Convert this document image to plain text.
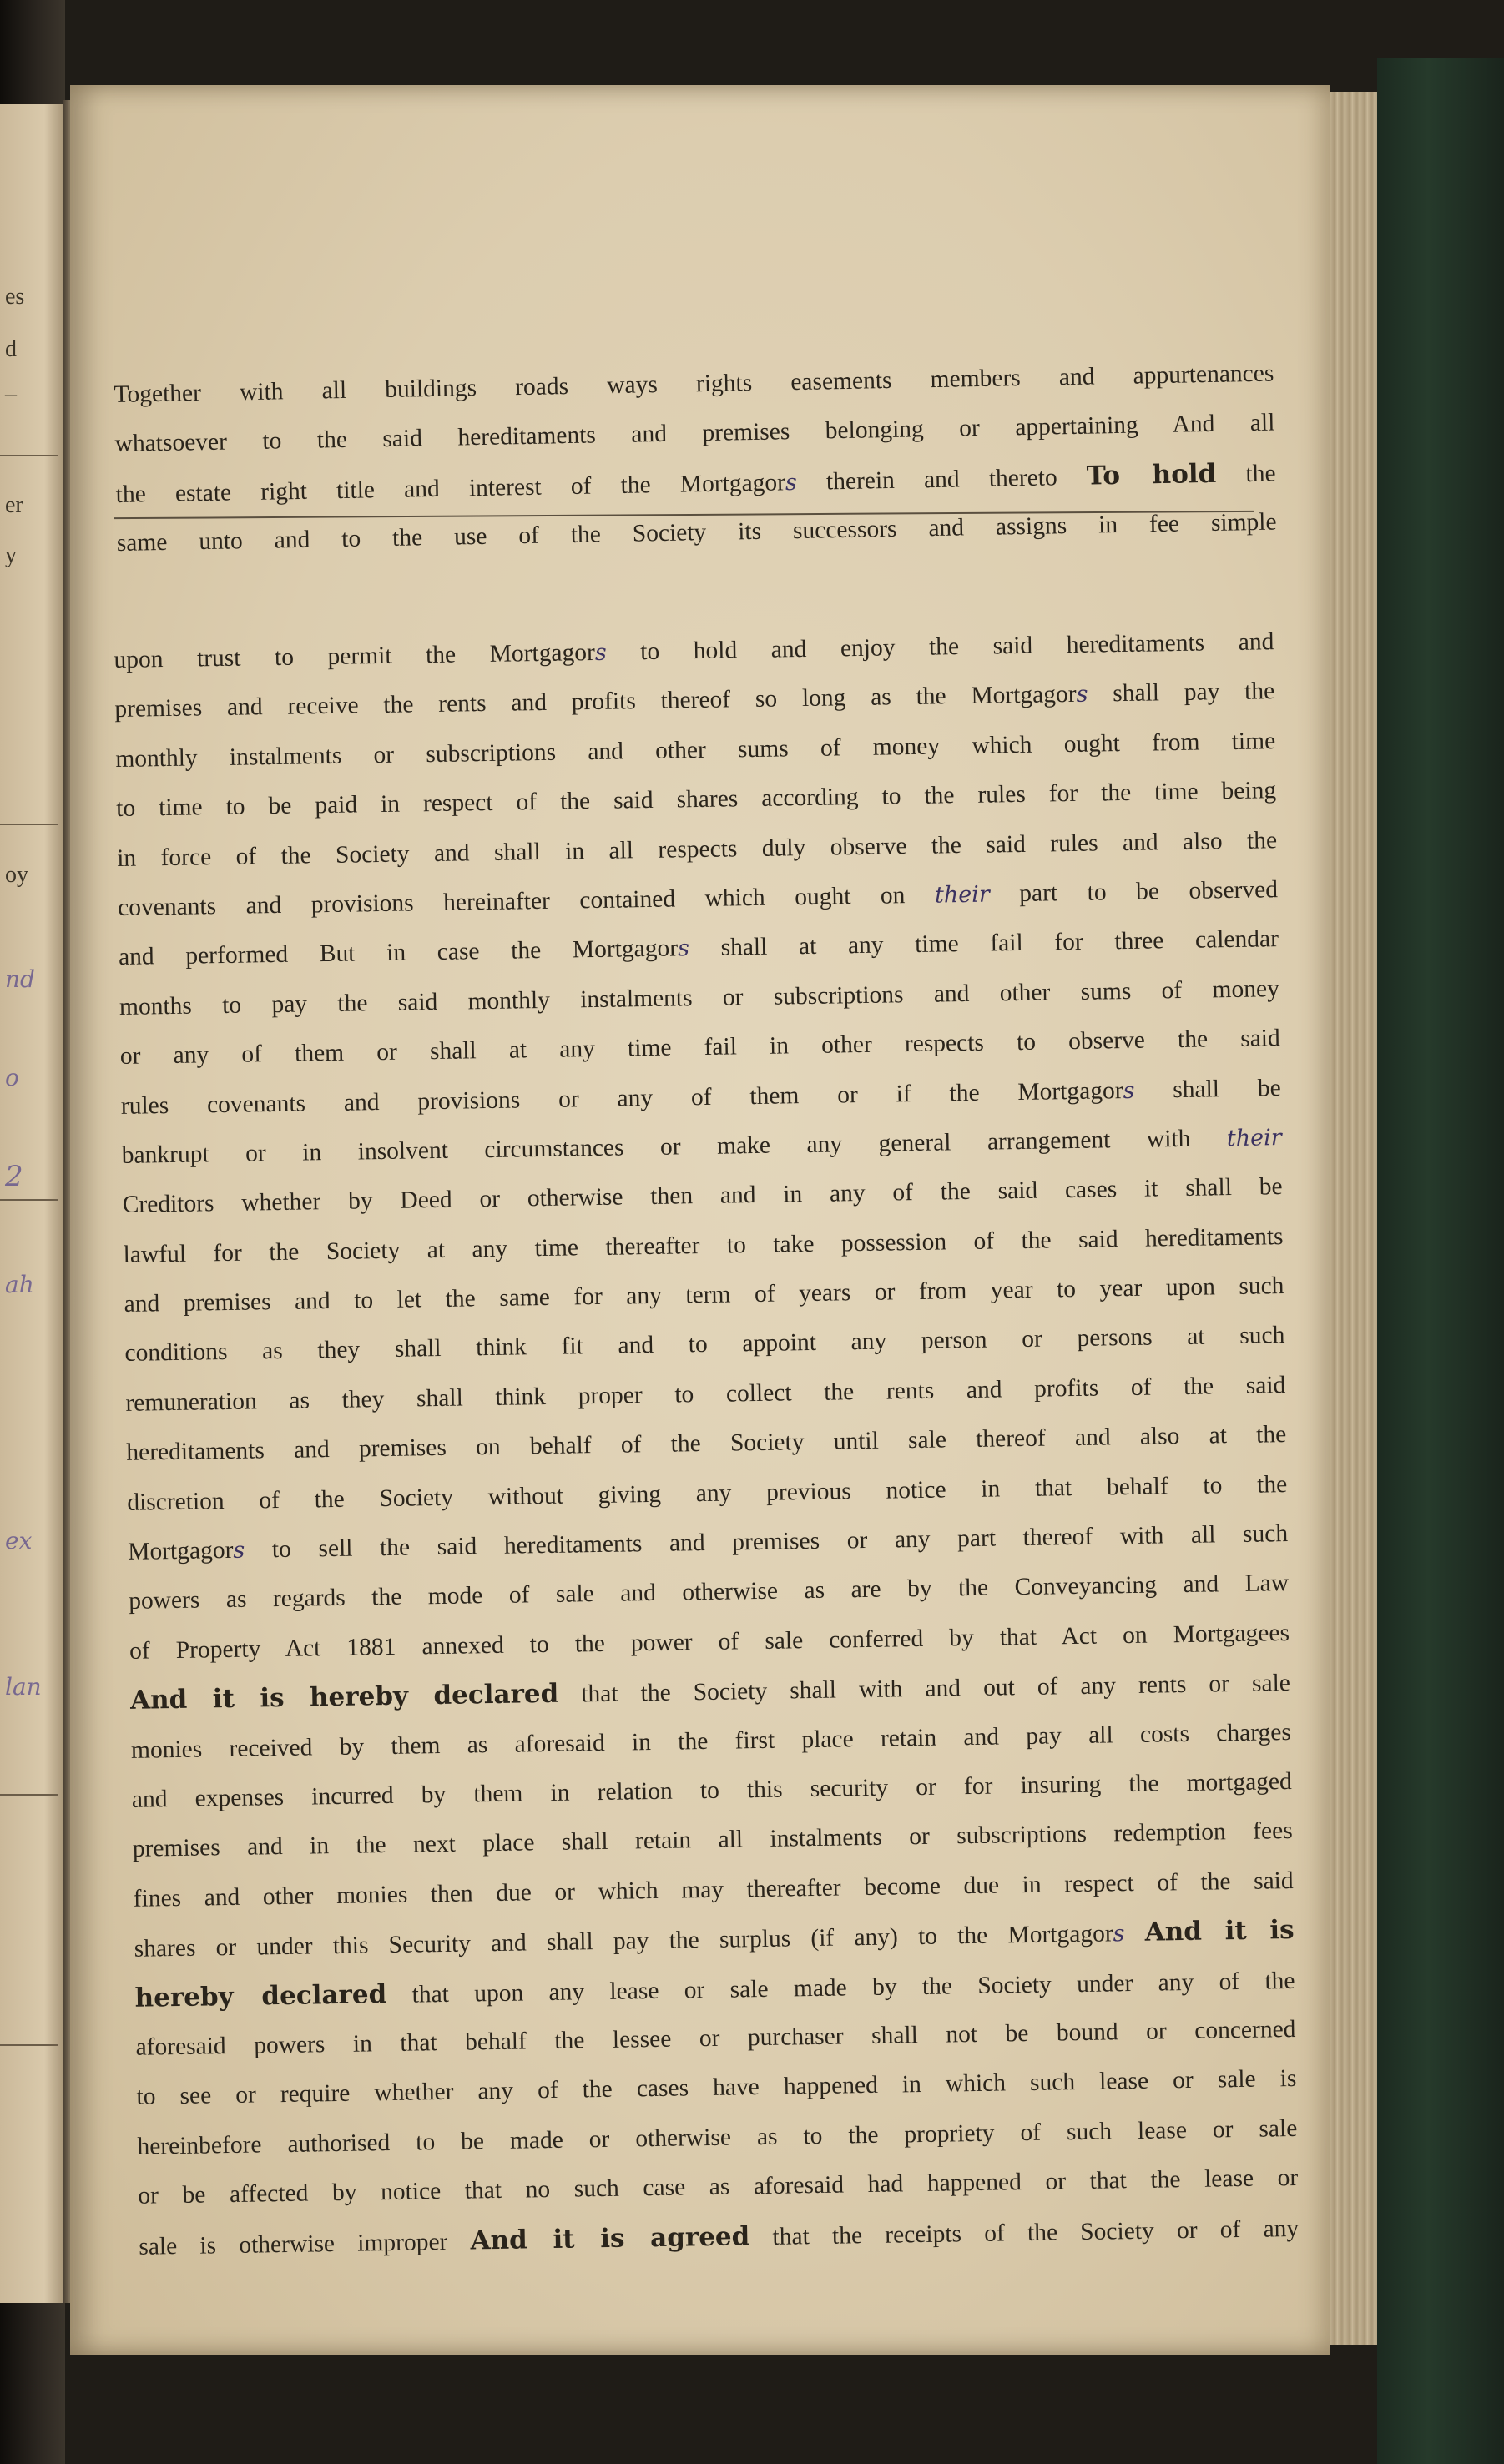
es
d
–
er
y
oy
nd
o
2
ah
ex
lan
Together with all buildings roads ways rights easements members and appurtenances
whatsoever to the said hereditaments and premises belonging or appertaining And all
the estate right title and interest of the Mortgagors therein and thereto To hold the
same unto and to the use of the Society its successors and assigns in fee simple
upon trust to permit the Mortgagors to hold and enjoy the said hereditaments and
premises and receive the rents and profits thereof so long as the Mortgagors shall pay the
monthly instalments or subscriptions and other sums of money which ought from time
to time to be paid in respect of the said shares according to the rules for the time being
in force of the Society and shall in all respects duly observe the said rules and also the
covenants and provisions hereinafter contained which ought on their part to be observed
and performed But in case the Mortgagors shall at any time fail for three calendar
months to pay the said monthly instalments or subscriptions and other sums of money
or any of them or shall at any time fail in other respects to observe the said
rules covenants and provisions or any of them or if the Mortgagors shall be
bankrupt or in insolvent circumstances or make any general arrangement with their
Creditors whether by Deed or otherwise then and in any of the said cases it shall be
lawful for the Society at any time thereafter to take possession of the said hereditaments
and premises and to let the same for any term of years or from year to year upon such
conditions as they shall think fit and to appoint any person or persons at such
remuneration as they shall think proper to collect the rents and profits of the said
hereditaments and premises on behalf of the Society until sale thereof and also at the
discretion of the Society without giving any previous notice in that behalf to the
Mortgagors to sell the said hereditaments and premises or any part thereof with all such
powers as regards the mode of sale and otherwise as are by the Conveyancing and Law
of Property Act 1881 annexed to the power of sale conferred by that Act on Mortgagees
And it is hereby declared that the Society shall with and out of any rents or sale
monies received by them as aforesaid in the first place retain and pay all costs charges
and expenses incurred by them in relation to this security or for insuring the mortgaged
premises and in the next place shall retain all instalments or subscriptions redemption fees
fines and other monies then due or which may thereafter become due in respect of the said
shares or under this Security and shall pay the surplus (if any) to the Mortgagors And it is
hereby declared that upon any lease or sale made by the Society under any of the
aforesaid powers in that behalf the lessee or purchaser shall not be bound or concerned
to see or require whether any of the cases have happened in which such lease or sale is
hereinbefore authorised to be made or otherwise as to the propriety of such lease or sale
or be affected by notice that no such case as aforesaid had happened or that the lease or
sale is otherwise improper And it is agreed that the receipts of the Society or of any
